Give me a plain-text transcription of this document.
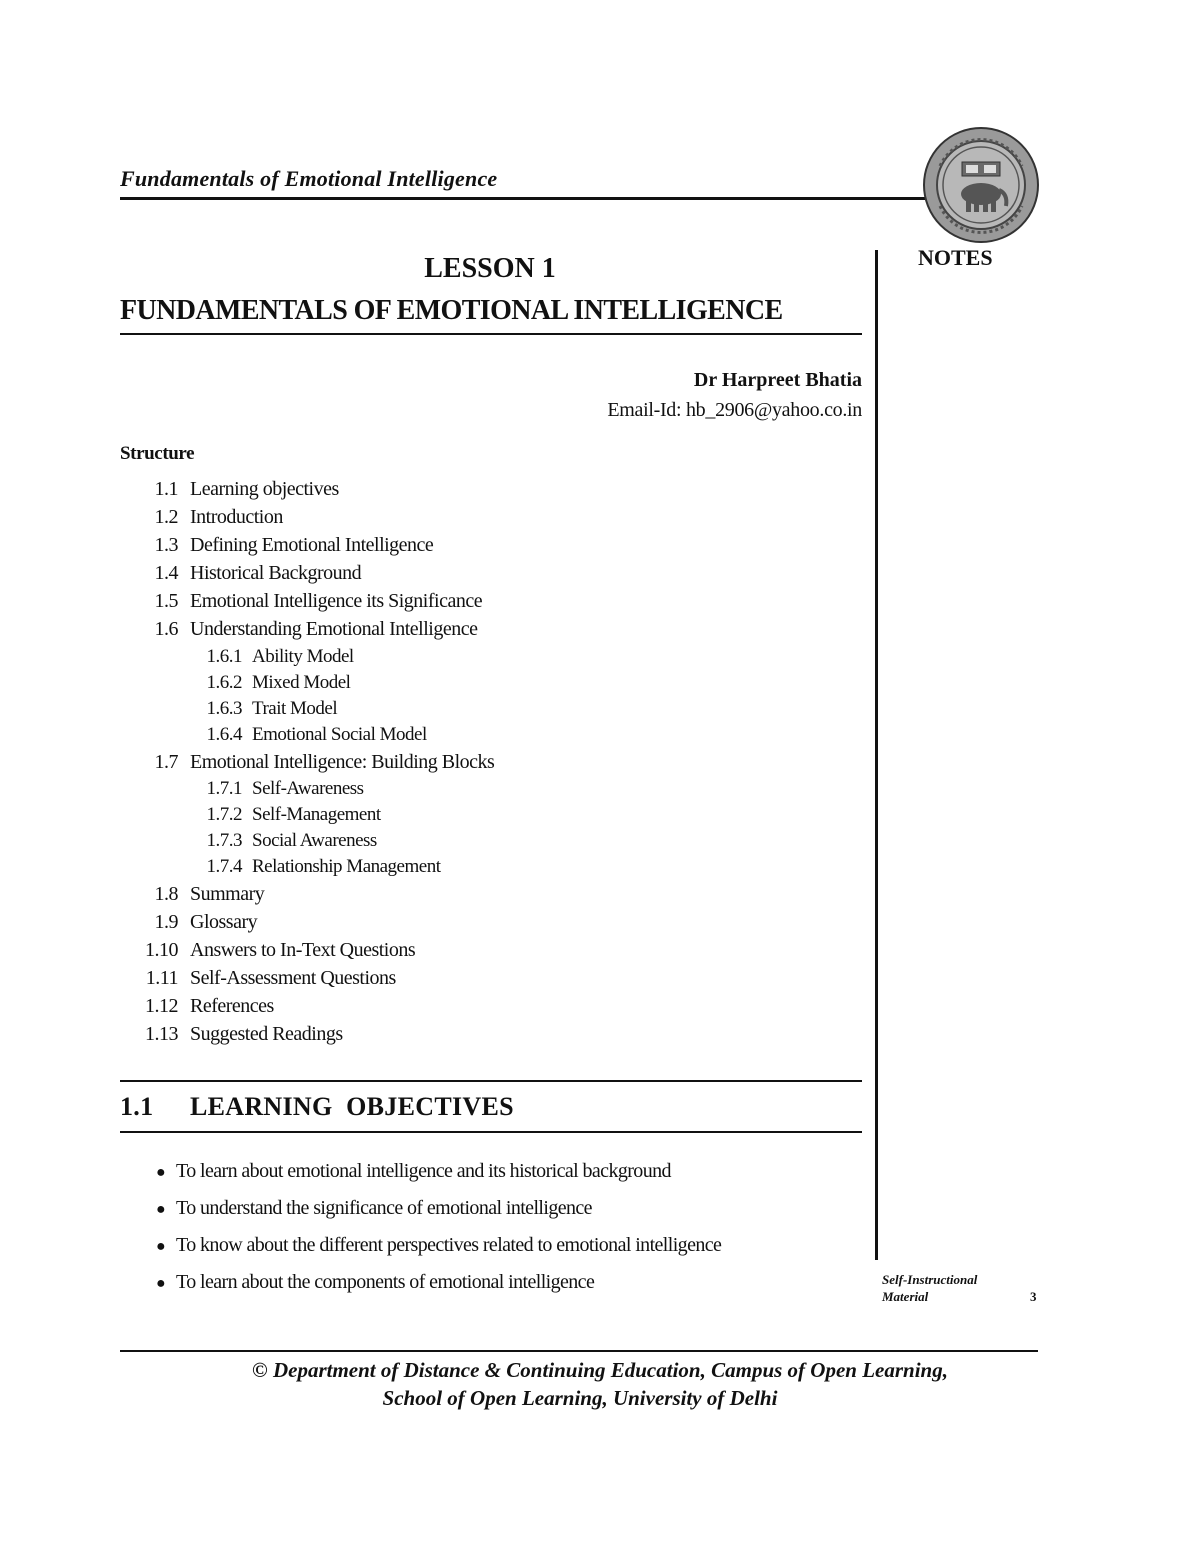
Fundamentals of Emotional Intelligence
NOTES
LESSON 1
FUNDAMENTALS OF EMOTIONAL INTELLIGENCE
Dr Harpreet Bhatia
Email-Id: hb_2906@yahoo.co.in
Structure
1.1 Learning objectives
1.2 Introduction
1.3 Defining Emotional Intelligence
1.4 Historical Background
1.5 Emotional Intelligence its Significance
1.6 Understanding Emotional Intelligence
1.6.1 Ability Model
1.6.2 Mixed Model
1.6.3 Trait Model
1.6.4 Emotional Social Model
1.7 Emotional Intelligence: Building Blocks
1.7.1 Self-Awareness
1.7.2 Self-Management
1.7.3 Social Awareness
1.7.4 Relationship Management
1.8 Summary
1.9 Glossary
1.10 Answers to In-Text Questions
1.11 Self-Assessment Questions
1.12 References
1.13 Suggested Readings
1.1 LEARNING  OBJECTIVES
● To learn about emotional intelligence and its historical background
● To understand the significance of emotional intelligence
● To know about the different perspectives related to emotional intelligence
● To learn about the components of emotional intelligence	Self-Instructional Material	3
© Department of Distance & Continuing Education, Campus of Open Learning,
School of Open Learning, University of Delhi
